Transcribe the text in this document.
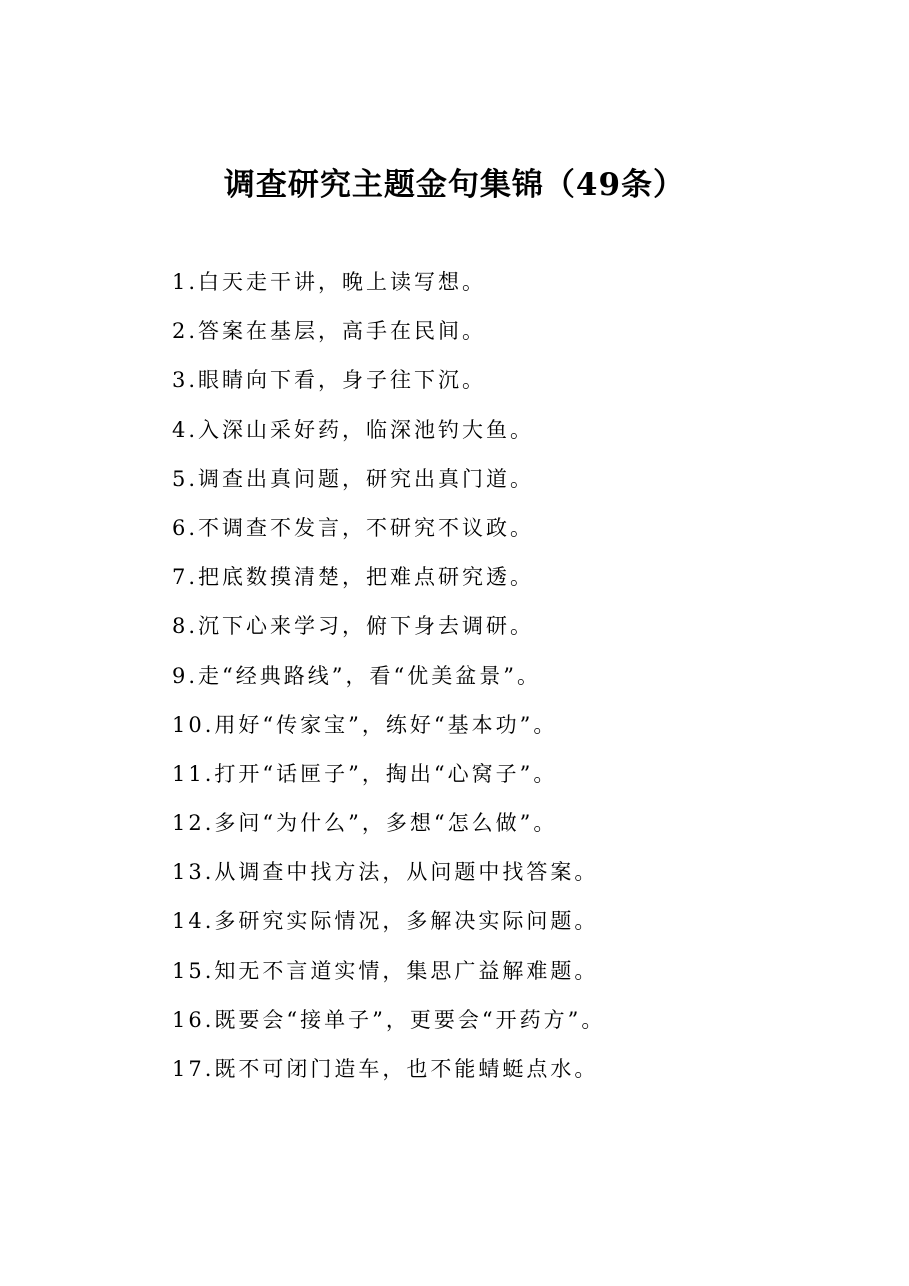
调查研究主题金句集锦（49条）
1.白天走干讲，晚上读写想。
2.答案在基层，高手在民间。
3.眼睛向下看，身子往下沉。
4.入深山采好药，临深池钓大鱼。
5.调查出真问题，研究出真门道。
6.不调查不发言，不研究不议政。
7.把底数摸清楚，把难点研究透。
8.沉下心来学习，俯下身去调研。
9.走“经典路线”，看“优美盆景”。
10.用好“传家宝”，练好“基本功”。
11.打开“话匣子”，掏出“心窝子”。
12.多问“为什么”，多想“怎么做”。
13.从调查中找方法，从问题中找答案。
14.多研究实际情况，多解决实际问题。
15.知无不言道实情，集思广益解难题。
16.既要会“接单子”，更要会“开药方”。
17.既不可闭门造车，也不能蜻蜓点水。
